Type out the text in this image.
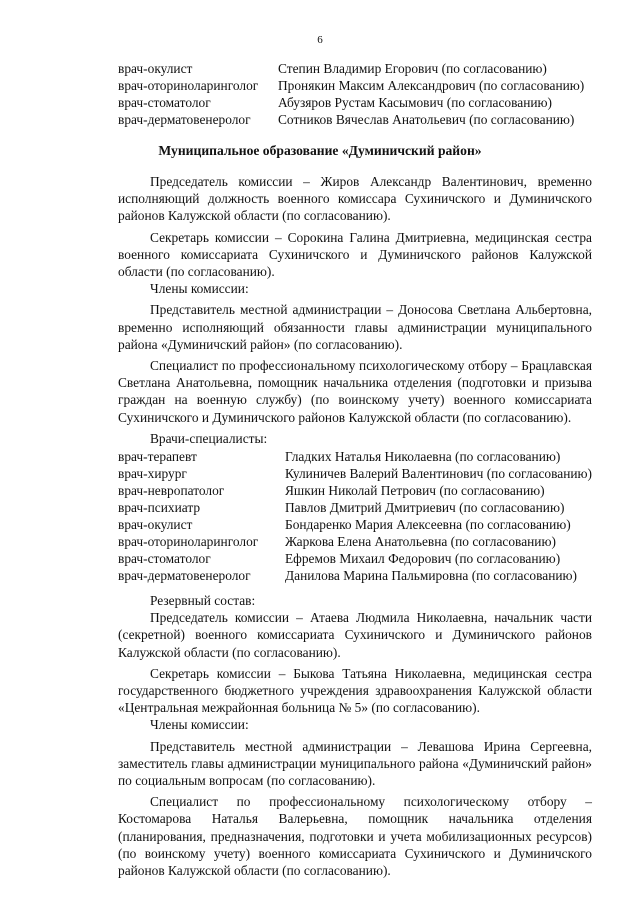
6
врач-окулист	Степин Владимир Егорович (по согласованию)
врач-оториноларинголог	Пронякин Максим Александрович (по согласованию)
врач-стоматолог	Абузяров Рустам Касымович (по согласованию)
врач-дерматовенеролог	Сотников Вячеслав Анатольевич (по согласованию)
Муниципальное образование «Думиничский район»

Председатель комиссии – Жиров Александр Валентинович, временно исполняющий должность военного комиссара Сухиничского и Думиничского районов Калужской области (по согласованию).

Секретарь комиссии – Сорокина Галина Дмитриевна, медицинская сестра военного комиссариата Сухиничского и Думиничского районов Калужской области (по согласованию).

Члены комиссии:

Представитель местной администрации – Доносова Светлана Альбертовна, временно исполняющий обязанности главы администрации муниципального района «Думиничский район» (по согласованию).

Специалист по профессиональному психологическому отбору – Брацлавская Светлана Анатольевна, помощник начальника отделения (подготовки и призыва граждан на военную службу) (по воинскому учету) военного комиссариата Сухиничского и Думиничского районов Калужской области (по согласованию).

Врачи-специалисты:

врач-терапевт	Гладких Наталья Николаевна (по согласованию)
врач-хирург	Кулиничев Валерий Валентинович (по согласованию)
врач-невропатолог	Яшкин Николай Петрович (по согласованию)
врач-психиатр	Павлов Дмитрий Дмитриевич (по согласованию)
врач-окулист	Бондаренко Мария Алексеевна (по согласованию)
врач-оториноларинголог	Жаркова Елена Анатольевна (по согласованию)
врач-стоматолог	Ефремов Михаил Федорович (по согласованию)
врач-дерматовенеролог	Данилова Марина Пальмировна (по согласованию)

Резервный состав:

Председатель комиссии – Атаева Людмила Николаевна, начальник части (секретной) военного комиссариата Сухиничского и Думиничского районов Калужской области (по согласованию).

Секретарь комиссии – Быкова Татьяна Николаевна, медицинская сестра государственного бюджетного учреждения здравоохранения Калужской области «Центральная межрайонная больница № 5» (по согласованию).

Члены комиссии:

Представитель местной администрации – Левашова Ирина Сергеевна, заместитель главы администрации муниципального района «Думиничский район» по социальным вопросам (по согласованию).

Специалист по профессиональному психологическому отбору – Костомарова Наталья Валерьевна, помощник начальника отделения (планирования, предназначения, подготовки и учета мобилизационных ресурсов) (по воинскому учету) военного комиссариата Сухиничского и Думиничского районов Калужской области (по согласованию).
